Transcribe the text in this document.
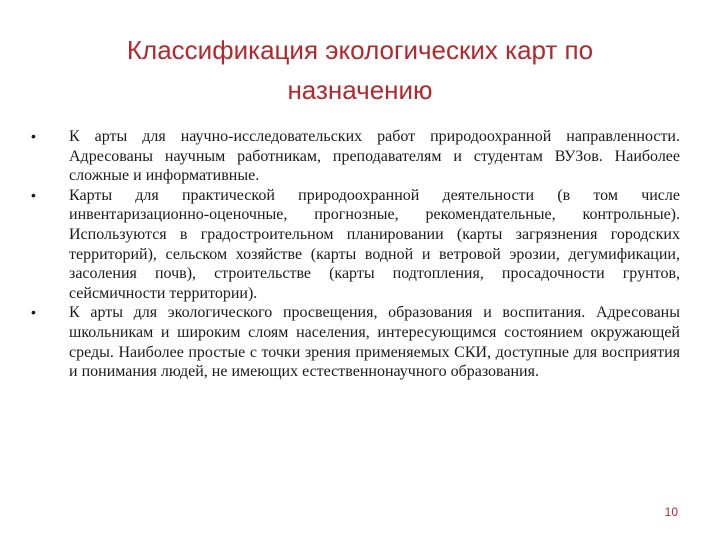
Классификация экологических карт по назначению
• К арты для научно-исследовательских работ природоохранной направленности. Адресованы научным работникам, преподавателям и студентам ВУЗов. Наиболее сложные и информативные.
• Карты для практической природоохранной деятельности (в том числе инвентаризационно-оценочные, прогнозные, рекомендательные, контрольные). Используются в градостроительном планировании (карты загрязнения городских территорий), сельском хозяйстве (карты водной и ветровой эрозии, дегумификации, засоления почв), строительстве (карты подтопления, просадочности грунтов, сейсмичности территории).
• К арты для экологического просвещения, образования и воспитания. Адресованы школьникам и широким слоям населения, интересующимся состоянием окружающей среды. Наиболее простые с точки зрения применяемых СКИ, доступные для восприятия и понимания людей, не имеющих естественнонаучного образования.
10
